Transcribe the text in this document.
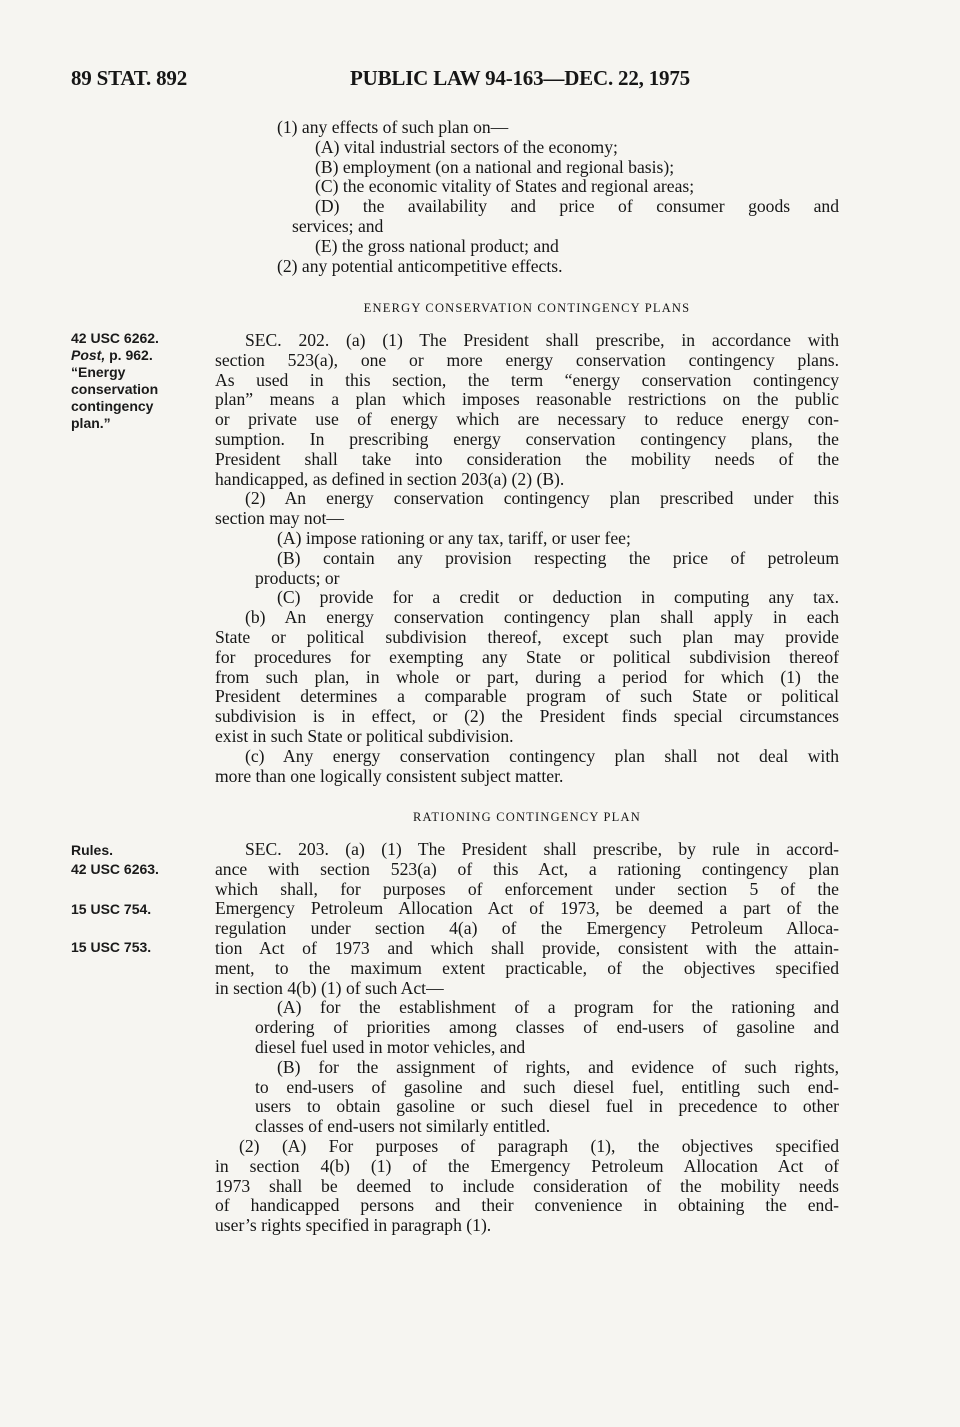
89 STAT. 892	PUBLIC LAW 94-163—DEC. 22, 1975

(1) any effects of such plan on—

(A) vital industrial sectors of the economy;

(B) employment (on a national and regional basis);

(C) the economic vitality of States and regional areas;

(D) the availability and price of consumer goods and

services; and

(E) the gross national product; and

(2) any potential anticompetitive effects.

ENERGY CONSERVATION CONTINGENCY PLANS

SEC. 202. (a) (1) The President shall prescribe, in accordance with

section 523(a), one or more energy conservation contingency plans.

As used in this section, the term “energy conservation contingency

plan” means a plan which imposes reasonable restrictions on the public

or private use of energy which are necessary to reduce energy con-

sumption. In prescribing energy conservation contingency plans, the

President shall take into consideration the mobility needs of the

handicapped, as defined in section 203(a) (2) (B).

(2) An energy conservation contingency plan prescribed under this

section may not—

(A) impose rationing or any tax, tariff, or user fee;

(B) contain any provision respecting the price of petroleum

products; or

(C) provide for a credit or deduction in computing any tax.

(b) An energy conservation contingency plan shall apply in each

State or political subdivision thereof, except such plan may provide

for procedures for exempting any State or political subdivision thereof

from such plan, in whole or part, during a period for which (1) the

President determines a comparable program of such State or political

subdivision is in effect, or (2) the President finds special circumstances

exist in such State or political subdivision.

(c) Any energy conservation contingency plan shall not deal with

more than one logically consistent subject matter.

RATIONING CONTINGENCY PLAN

SEC. 203. (a) (1) The President shall prescribe, by rule in accord-

ance with section 523(a) of this Act, a rationing contingency plan

which shall, for purposes of enforcement under section 5 of the

Emergency Petroleum Allocation Act of 1973, be deemed a part of the

regulation under section 4(a) of the Emergency Petroleum Alloca-

tion Act of 1973 and which shall provide, consistent with the attain-

ment, to the maximum extent practicable, of the objectives specified

in section 4(b) (1) of such Act—

(A) for the establishment of a program for the rationing and

ordering of priorities among classes of end-users of gasoline and

diesel fuel used in motor vehicles, and

(B) for the assignment of rights, and evidence of such rights,

to end-users of gasoline and such diesel fuel, entitling such end-

users to obtain gasoline or such diesel fuel in precedence to other

classes of end-users not similarly entitled.

(2) (A) For purposes of paragraph (1), the objectives specified

in section 4(b) (1) of the Emergency Petroleum Allocation Act of

1973 shall be deemed to include consideration of the mobility needs

of handicapped persons and their convenience in obtaining the end-

user’s rights specified in paragraph (1).

42 USC 6262.
Post, p. 962.
“Energy
conservation
contingency
plan.”
Rules.
42 USC 6263.
15 USC 754.
15 USC 753.
